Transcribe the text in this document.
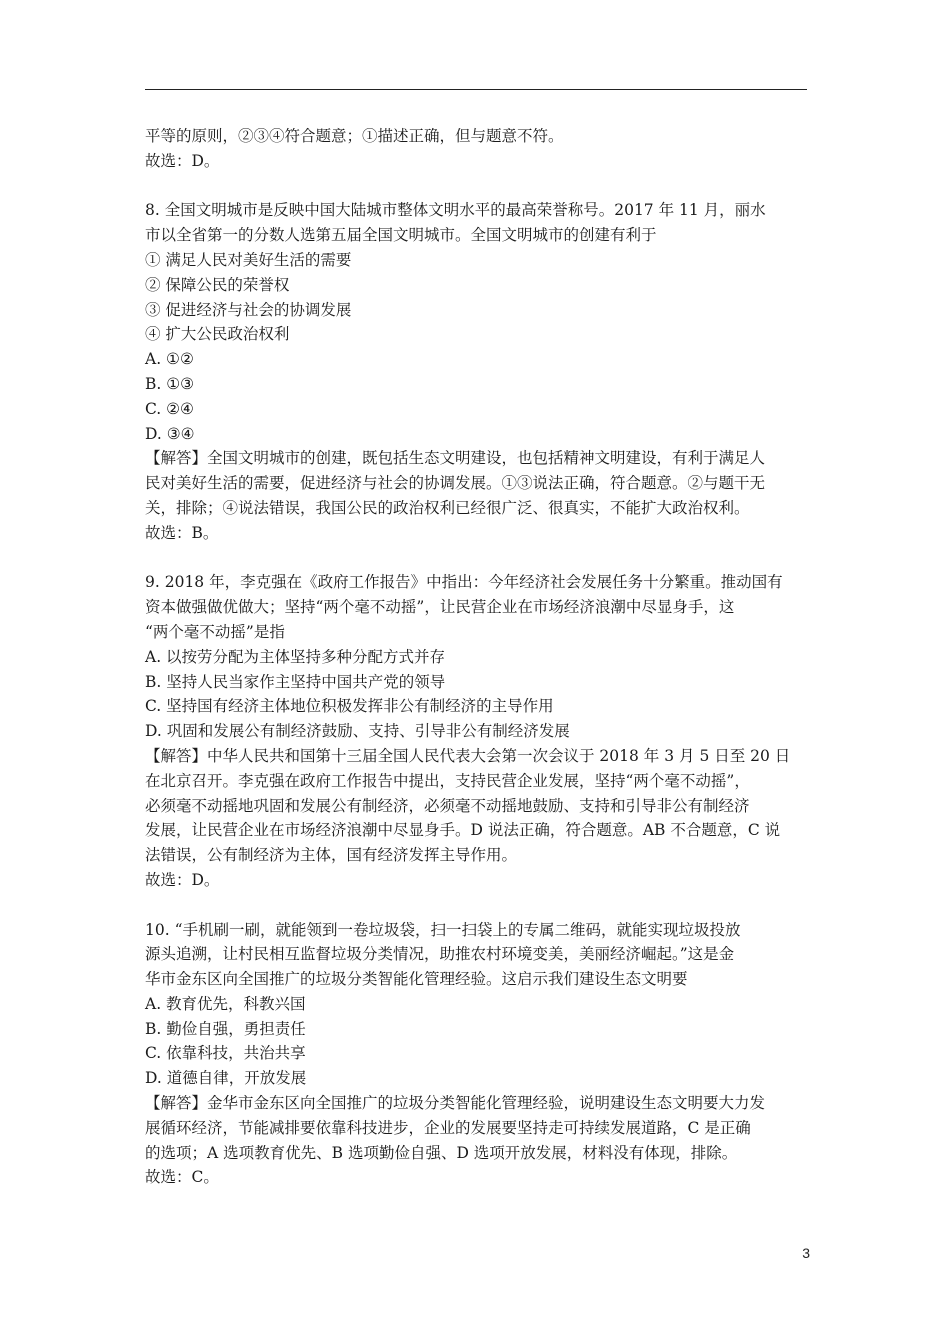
平等的原则，②③④符合题意；①描述正确，但与题意不符。

故选：D。

8. 全国文明城市是反映中国大陆城市整体文明水平的最高荣誉称号。2017 年 11 月，丽水

市以全省第一的分数人选第五届全国文明城市。全国文明城市的创建有利于

① 满足人民对美好生活的需要

② 保障公民的荣誉权

③ 促进经济与社会的协调发展

④ 扩大公民政治权利

A. ①②

B. ①③

C. ②④

D. ③④

【解答】全国文明城市的创建，既包括生态文明建设，也包括精神文明建设，有利于满足人

民对美好生活的需要，促进经济与社会的协调发展。①③说法正确，符合题意。②与题干无

关，排除；④说法错误，我国公民的政治权利已经很广泛、很真实，不能扩大政治权利。

故选：B。

9. 2018 年，李克强在《政府工作报告》中指出：今年经济社会发展任务十分繁重。推动国有

资本做强做优做大；坚持“两个毫不动摇”，让民营企业在市场经济浪潮中尽显身手，这

“两个毫不动摇”是指

A. 以按劳分配为主体坚持多种分配方式并存

B. 坚持人民当家作主坚持中国共产党的领导

C. 坚持国有经济主体地位积极发挥非公有制经济的主导作用

D. 巩固和发展公有制经济鼓励、支持、引导非公有制经济发展

【解答】中华人民共和国第十三届全国人民代表大会第一次会议于 2018 年 3 月 5 日至 20 日

在北京召开。李克强在政府工作报告中提出，支持民营企业发展，坚持“两个毫不动摇”，

必须毫不动摇地巩固和发展公有制经济，必须毫不动摇地鼓励、支持和引导非公有制经济

发展，让民营企业在市场经济浪潮中尽显身手。D 说法正确，符合题意。AB 不合题意，C 说

法错误，公有制经济为主体，国有经济发挥主导作用。

故选：D。

10. “手机刷一刷，就能领到一卷垃圾袋，扫一扫袋上的专属二维码，就能实现垃圾投放

源头追溯，让村民相互监督垃圾分类情况，助推农村环境变美，美丽经济崛起。”这是金

华市金东区向全国推广的垃圾分类智能化管理经验。这启示我们建设生态文明要

A. 教育优先，科教兴国

B. 勤俭自强，勇担责任

C. 依靠科技，共治共享

D. 道德自律，开放发展

【解答】金华市金东区向全国推广的垃圾分类智能化管理经验，说明建设生态文明要大力发

展循环经济，节能减排要依靠科技进步，企业的发展要坚持走可持续发展道路，C 是正确

的选项；A 选项教育优先、B 选项勤俭自强、D 选项开放发展，材料没有体现，排除。

故选：C。

3
